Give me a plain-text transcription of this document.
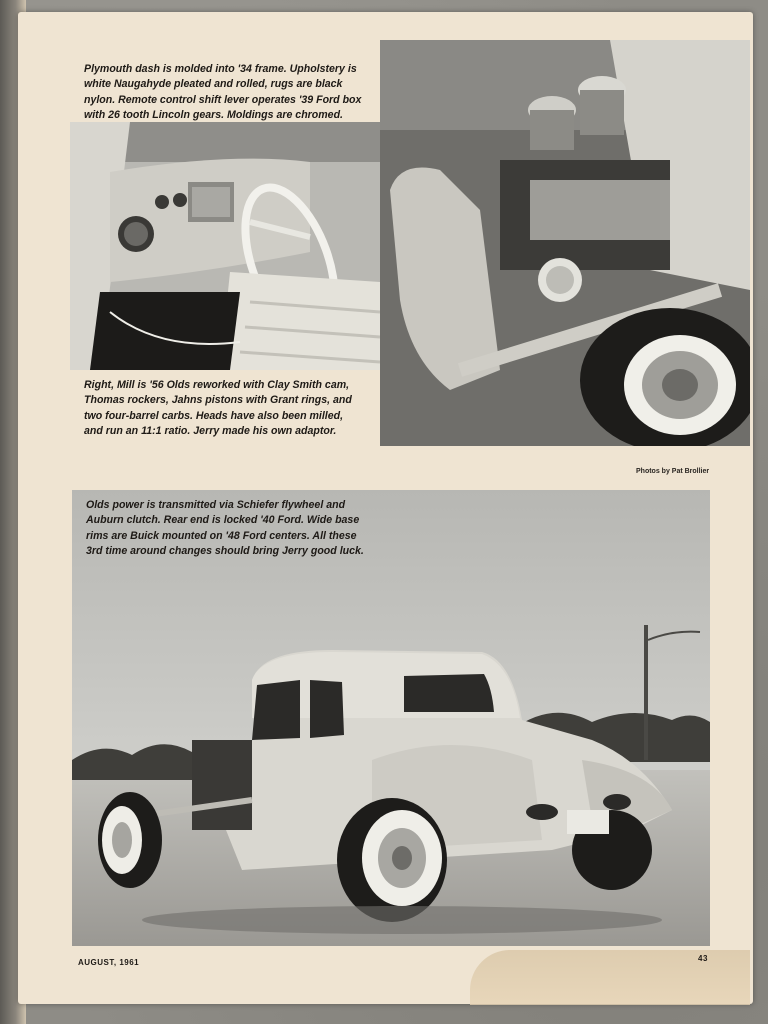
Plymouth dash is molded into '34 frame. Upholstery is
white Naugahyde pleated and rolled, rugs are black
nylon. Remote control shift lever operates '39 Ford box
with 26 tooth Lincoln gears. Moldings are chromed.
Right, Mill is '56 Olds reworked with Clay Smith cam,
Thomas rockers, Jahns pistons with Grant rings, and
two four-barrel carbs. Heads have also been milled,
and run an 11:1 ratio. Jerry made his own adaptor.
Photos by Pat Brollier
Olds power is transmitted via Schiefer flywheel and
Auburn clutch. Rear end is locked '40 Ford. Wide base
rims are Buick mounted on '48 Ford centers. All these
3rd time around changes should bring Jerry good luck.
AUGUST, 1961	43
